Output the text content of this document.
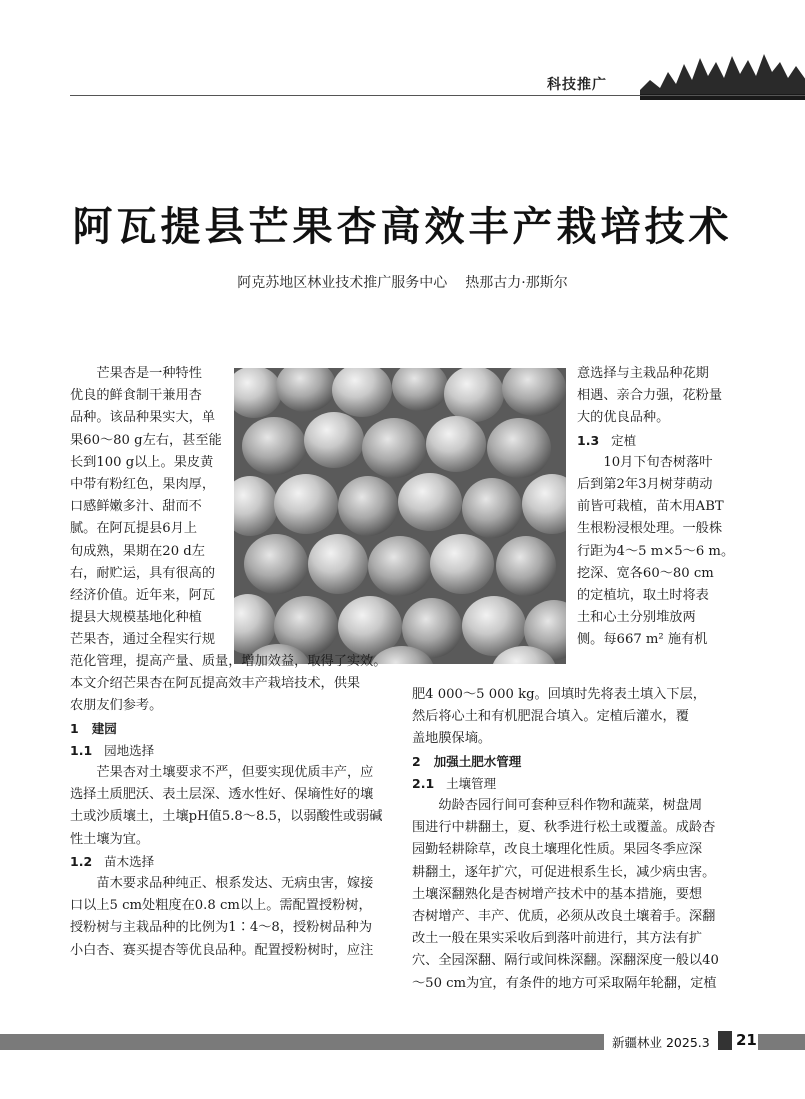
科技推广
阿瓦提县芒果杏高效丰产栽培技术
阿克苏地区林业技术推广服务中心 热那古力·那斯尔

芒果杏是一种特性

优良的鲜食制干兼用杏

品种。该品种果实大，单

果60～80 g左右，甚至能

长到100 g以上。果皮黄

中带有粉红色，果肉厚，

口感鲜嫩多汁、甜而不

腻。在阿瓦提县6月上

旬成熟，果期在20 d左

右，耐贮运，具有很高的

经济价值。近年来，阿瓦

提县大规模基地化种植

芒果杏，通过全程实行规

范化管理，提高产量、质量，增加效益，取得了实效。

本文介绍芒果杏在阿瓦提高效丰产栽培技术，供果

农朋友们参考。

1 建园

1.1 园地选择

芒果杏对土壤要求不严，但要实现优质丰产，应

选择土质肥沃、表土层深、透水性好、保墒性好的壤

土或沙质壤土，土壤pH值5.8～8.5，以弱酸性或弱碱

性土壤为宜。

1.2 苗木选择

苗木要求品种纯正、根系发达、无病虫害，嫁接

口以上5 cm处粗度在0.8 cm以上。需配置授粉树，

授粉树与主栽品种的比例为1∶4～8，授粉树品种为

小白杏、赛买提杏等优良品种。配置授粉树时，应注

意选择与主栽品种花期

相遇、亲合力强，花粉量

大的优良品种。

1.3 定植

10月下旬杏树落叶

后到第2年3月树芽萌动

前皆可栽植，苗木用ABT

生根粉浸根处理。一般株

行距为4～5 m×5～6 m。

挖深、宽各60～80 cm

的定植坑，取土时将表

土和心土分别堆放两

侧。每667 m² 施有机

肥4 000～5 000 kg。回填时先将表土填入下层，

然后将心土和有机肥混合填入。定植后灌水，覆

盖地膜保墒。

2 加强土肥水管理

2.1 土壤管理

幼龄杏园行间可套种豆科作物和蔬菜，树盘周

围进行中耕翻土，夏、秋季进行松土或覆盖。成龄杏

园勤轻耕除草，改良土壤理化性质。果园冬季应深

耕翻土，逐年扩穴，可促进根系生长，减少病虫害。

土壤深翻熟化是杏树增产技术中的基本措施，要想

杏树增产、丰产、优质，必须从改良土壤着手。深翻

改土一般在果实采收后到落叶前进行，其方法有扩

穴、全园深翻、隔行或间株深翻。深翻深度一般以40

～50 cm为宜，有条件的地方可采取隔年轮翻，定植

新疆林业 2025.3 21
